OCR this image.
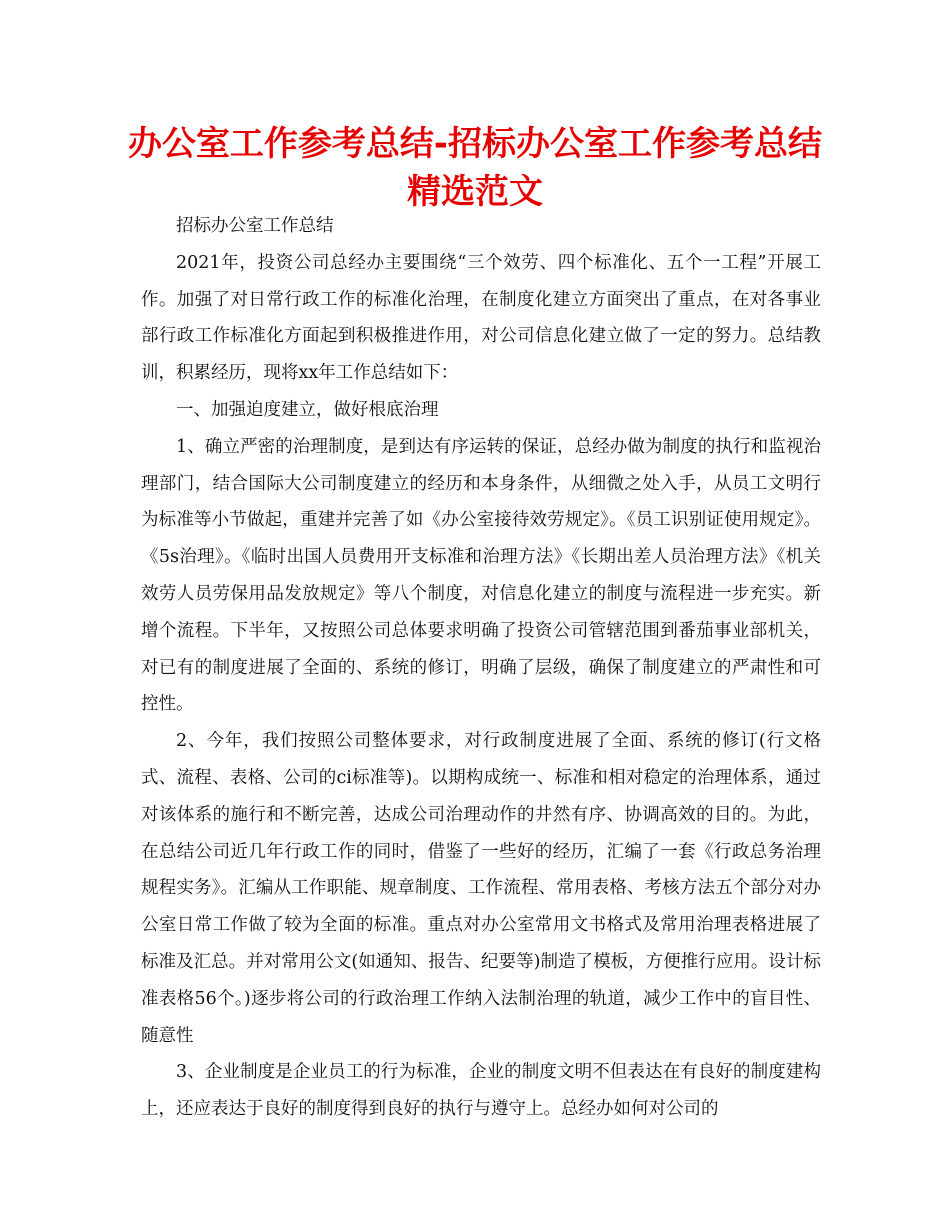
办公室工作参考总结-招标办公室工作参考总结精选范文

招标办公室工作总结

2021年，投资公司总经办主要围绕“三个效劳、四个标准化、五个一工程”开展工作。加强了对日常行政工作的标准化治理，在制度化建立方面突出了重点，在对各事业部行政工作标准化方面起到积极推进作用，对公司信息化建立做了一定的努力。总结教训，积累经历，现将xx年工作总结如下：

一、加强迫度建立，做好根底治理

1、确立严密的治理制度，是到达有序运转的保证，总经办做为制度的执行和监视治理部门，结合国际大公司制度建立的经历和本身条件，从细微之处入手，从员工文明行为标准等小节做起，重建并完善了如《办公室接待效劳规定》。《员工识别证使用规定》。《5s治理》。《临时出国人员费用开支标准和治理方法》《长期出差人员治理方法》《机关效劳人员劳保用品发放规定》等八个制度，对信息化建立的制度与流程进一步充实。新增个流程。下半年，又按照公司总体要求明确了投资公司管辖范围到番茄事业部机关，对已有的制度进展了全面的、系统的修订，明确了层级，确保了制度建立的严肃性和可控性。

2、今年，我们按照公司整体要求，对行政制度进展了全面、系统的修订(行文格式、流程、表格、公司的ci标准等)。以期构成统一、标准和相对稳定的治理体系，通过对该体系的施行和不断完善，达成公司治理动作的井然有序、协调高效的目的。为此，在总结公司近几年行政工作的同时，借鉴了一些好的经历，汇编了一套《行政总务治理规程实务》。汇编从工作职能、规章制度、工作流程、常用表格、考核方法五个部分对办公室日常工作做了较为全面的标准。重点对办公室常用文书格式及常用治理表格进展了标准及汇总。并对常用公文(如通知、报告、纪要等)制造了模板，方便推行应用。设计标准表格56个。)逐步将公司的行政治理工作纳入法制治理的轨道，减少工作中的盲目性、随意性

3、企业制度是企业员工的行为标准，企业的制度文明不但表达在有良好的制度建构上，还应表达于良好的制度得到良好的执行与遵守上。总经办如何对公司的
